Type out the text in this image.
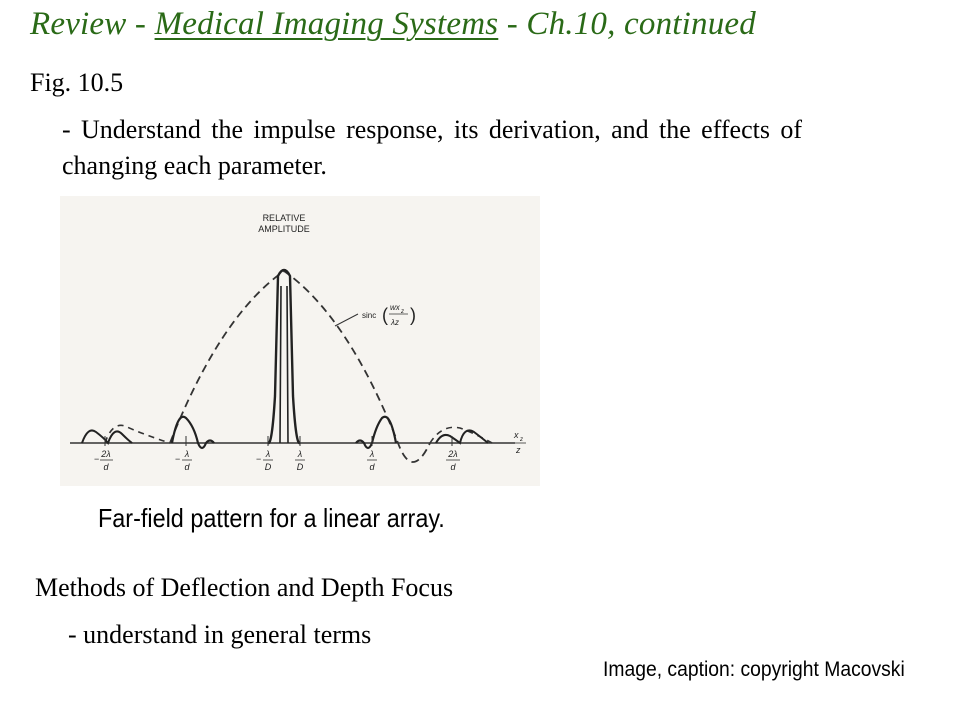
Review - Medical Imaging Systems - Ch.10, continued
Fig. 10.5
- Understand the impulse response, its derivation, and the effects of changing each parameter.
RELATIVE
AMPLITUDE
sinc ( wx z
λz )
x z
z
− 2λ
d
− λ
d
− λ
D
λ
D
λ
d
2λ
d
Far-field pattern for a linear array.
Methods of Deflection and Depth Focus
- understand in general terms
Image, caption: copyright Macovski
